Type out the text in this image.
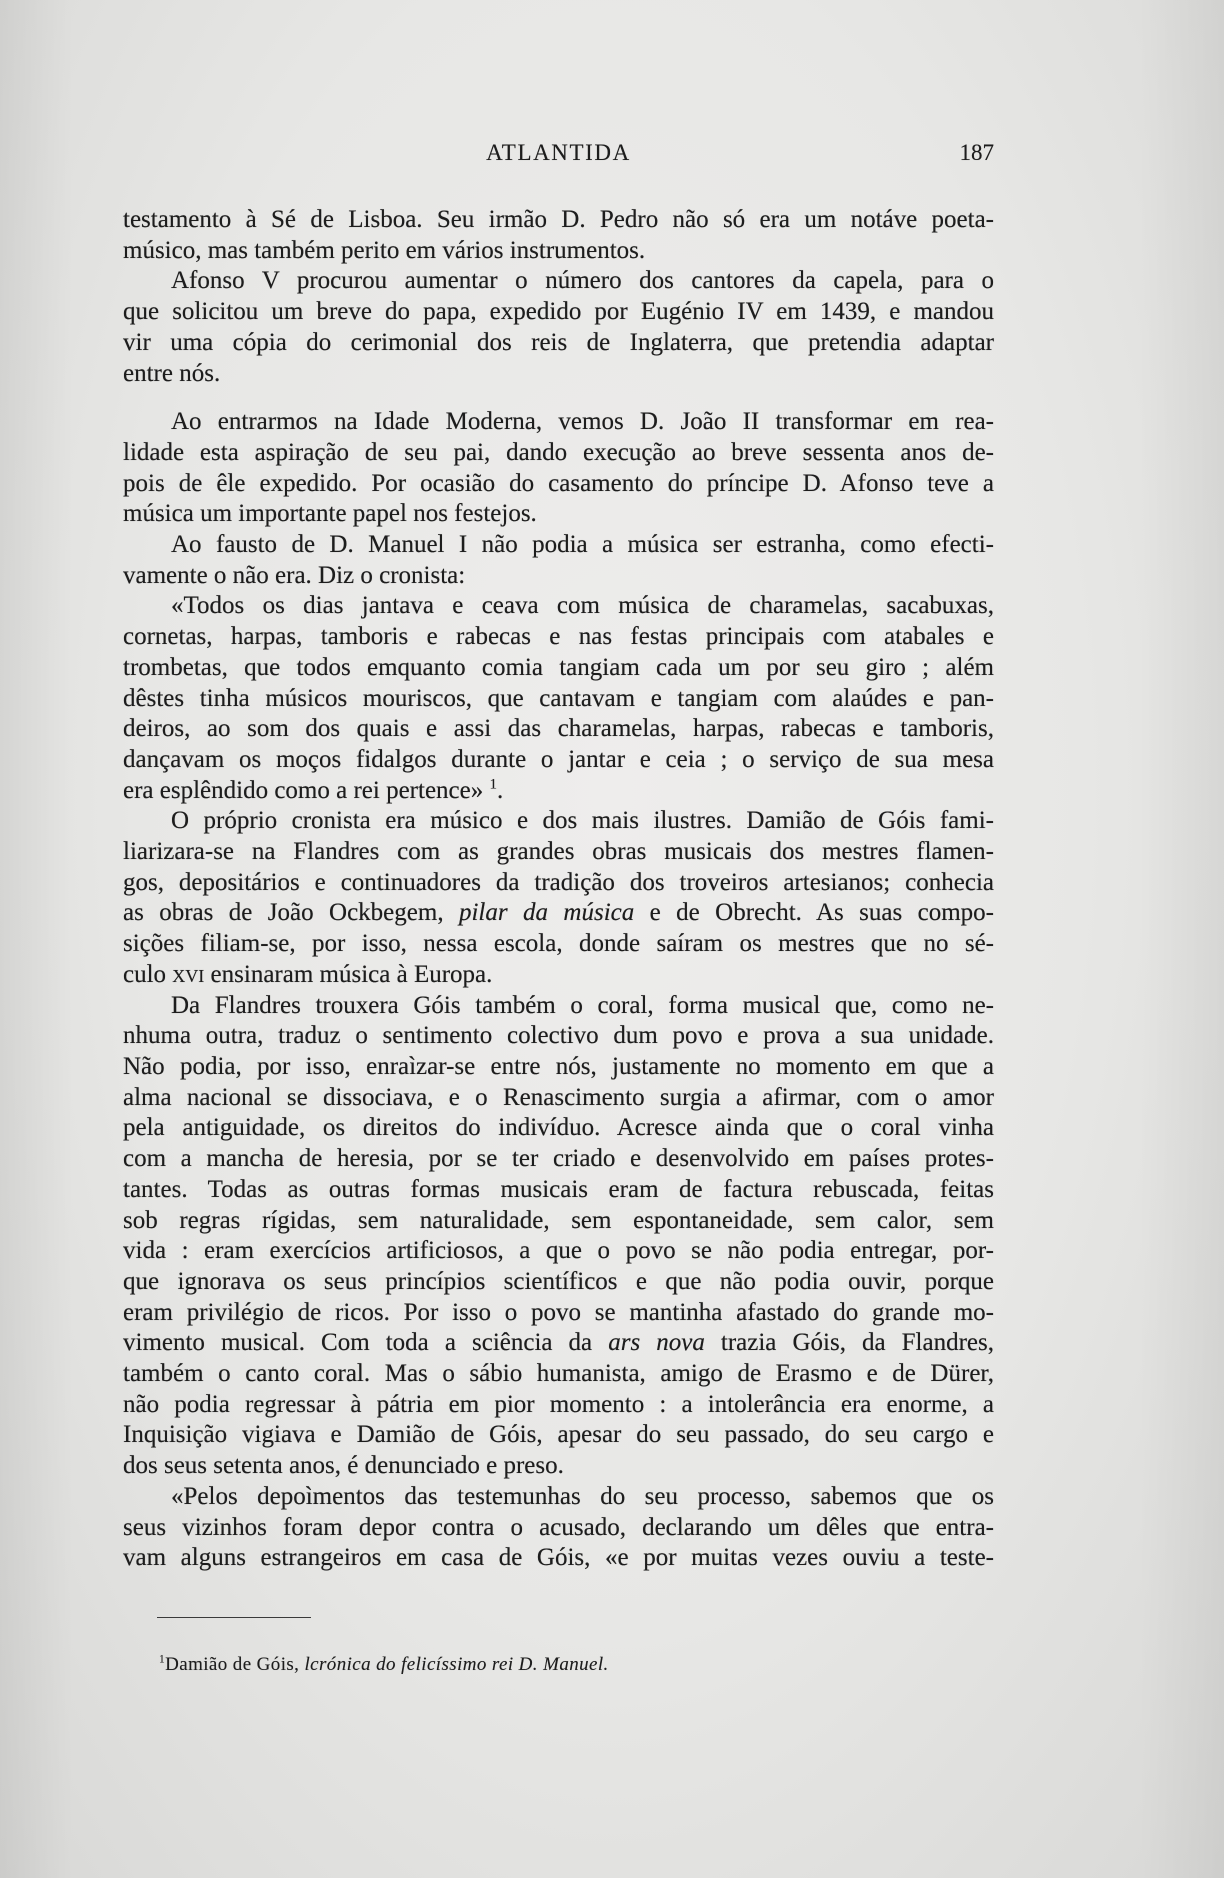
ATLANTIDA	187
testamento à Sé de Lisboa. Seu irmão D. Pedro não só era um notáve poeta-
músico, mas também perito em vários instrumentos.
Afonso V procurou aumentar o número dos cantores da capela, para o
que solicitou um breve do papa, expedido por Eugénio IV em 1439, e mandou
vir uma cópia do cerimonial dos reis de Inglaterra, que pretendia adaptar
entre nós.
Ao entrarmos na Idade Moderna, vemos D. João II transformar em rea-
lidade esta aspiração de seu pai, dando execução ao breve sessenta anos de-
pois de êle expedido. Por ocasião do casamento do príncipe D. Afonso teve a
música um importante papel nos festejos.
Ao fausto de D. Manuel I não podia a música ser estranha, como efecti-
vamente o não era. Diz o cronista:
«Todos os dias jantava e ceava com música de charamelas, sacabuxas,
cornetas, harpas, tamboris e rabecas e nas festas principais com atabales e
trombetas, que todos emquanto comia tangiam cada um por seu giro ; além
dêstes tinha músicos mouriscos, que cantavam e tangiam com alaúdes e pan-
deiros, ao som dos quais e assi das charamelas, harpas, rabecas e tamboris,
dançavam os moços fidalgos durante o jantar e ceia ; o serviço de sua mesa
era esplêndido como a rei pertence» $^1$.
O próprio cronista era músico e dos mais ilustres. Damião de Góis fami-
liarizara-se na Flandres com as grandes obras musicais dos mestres flamen-
gos, depositários e continuadores da tradição dos troveiros artesianos; conhecia
as obras de João Ockbegem, pilar da música e de Obrecht. As suas compo-
sições filiam-se, por isso, nessa escola, donde saíram os mestres que no sé-
culo xvi ensinaram música à Europa.
Da Flandres trouxera Góis também o coral, forma musical que, como ne-
nhuma outra, traduz o sentimento colectivo dum povo e prova a sua unidade.
Não podia, por isso, enraìzar-se entre nós, justamente no momento em que a
alma nacional se dissociava, e o Renascimento surgia a afirmar, com o amor
pela antiguidade, os direitos do indivíduo. Acresce ainda que o coral vinha
com a mancha de heresia, por se ter criado e desenvolvido em países protes-
tantes. Todas as outras formas musicais eram de factura rebuscada, feitas
sob regras rígidas, sem naturalidade, sem espontaneidade, sem calor, sem
vida : eram exercícios artificiosos, a que o povo se não podia entregar, por-
que ignorava os seus princípios scientíficos e que não podia ouvir, porque
eram privilégio de ricos. Por isso o povo se mantinha afastado do grande mo-
vimento musical. Com toda a sciência da ars nova trazia Góis, da Flandres,
também o canto coral. Mas o sábio humanista, amigo de Erasmo e de Dürer,
não podia regressar à pátria em pior momento : a intolerância era enorme, a
Inquisição vigiava e Damião de Góis, apesar do seu passado, do seu cargo e
dos seus setenta anos, é denunciado e preso.
«Pelos depoìmentos das testemunhas do seu processo, sabemos que os
seus vizinhos foram depor contra o acusado, declarando um dêles que entra-
vam alguns estrangeiros em casa de Góis, «e por muitas vezes ouviu a teste-
$^1$Damião de Góis, lcrónica do felicíssimo rei D. Manuel.
